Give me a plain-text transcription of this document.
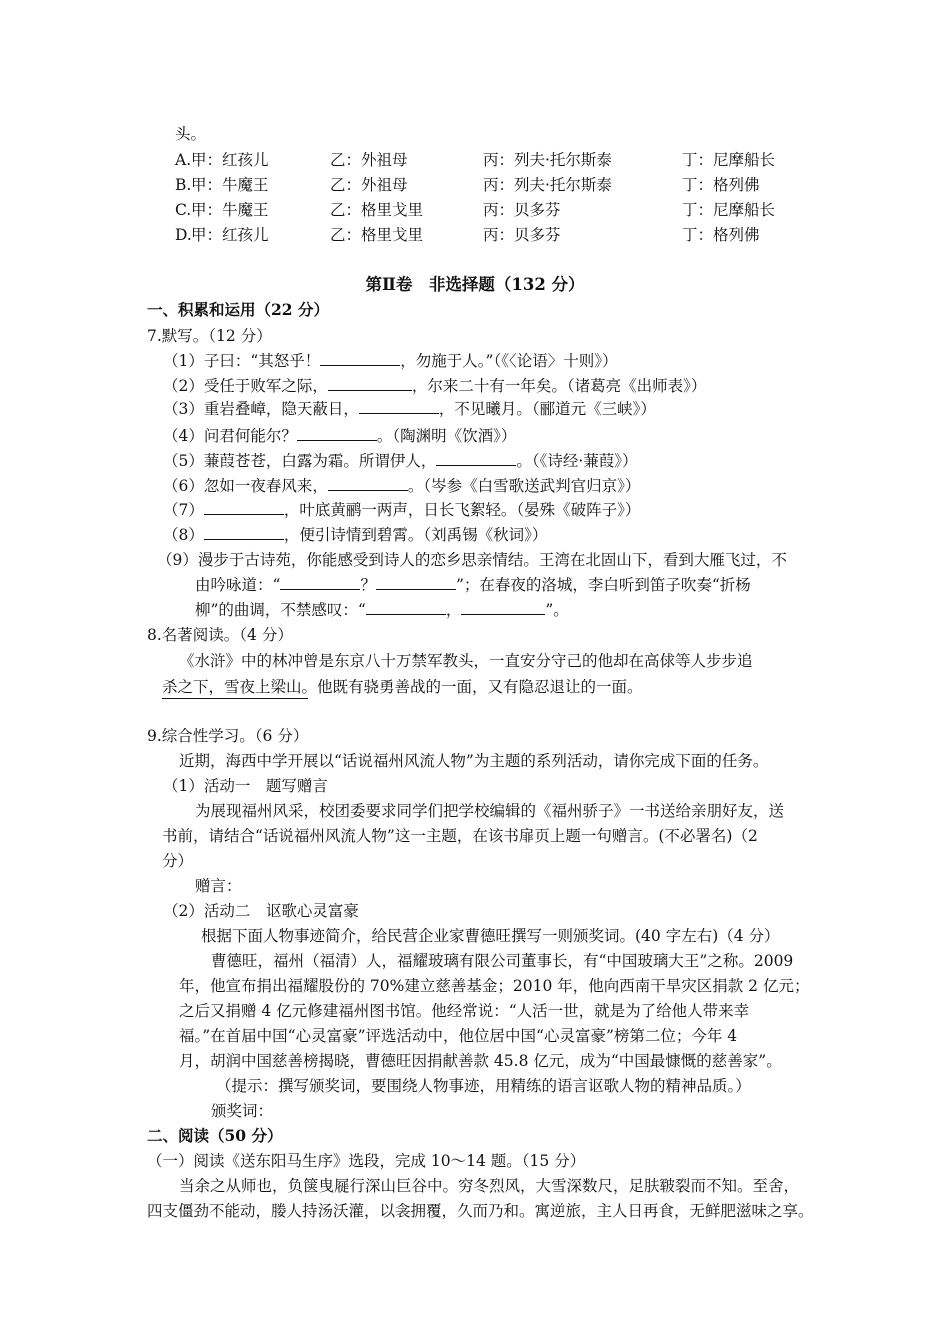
头。
A. 甲：红孩儿	乙：外祖母	丙：列夫·托尔斯泰	丁：尼摩船长
B. 甲：牛魔王	乙：外祖母	丙：列夫·托尔斯泰	丁：格列佛
C. 甲：牛魔王	乙：格里戈里	丙：贝多芬	丁：尼摩船长
D. 甲：红孩儿	乙：格里戈里	丙：贝多芬	丁：格列佛
第Ⅱ卷　非选择题（132 分）
一、积累和运用（22 分）
7.默写。（12 分）
（1）子曰：“其怒乎！	，勿施于人。”（《〈论语〉十则》）
（2）受任于败军之际，	，尔来二十有一年矣。（诸葛亮《出师表》）
（3）重岩叠嶂，隐天蔽日，	，不见曦月。（郦道元《三峡》）
（4）问君何能尔？	。（陶渊明《饮酒》）
（5）蒹葭苍苍，白露为霜。所谓伊人，	。（《诗经·蒹葭》）
（6）忽如一夜春风来，	。（岑参《白雪歌送武判官归京》）
（7）	，叶底黄鹂一两声，日长飞絮轻。（晏殊《破阵子》）
（8）	，便引诗情到碧霄。（刘禹锡《秋词》）
（9）漫步于古诗苑，你能感受到诗人的恋乡思亲情结。王湾在北固山下，看到大雁飞过，不
由吟咏道：“	？	”；在春夜的洛城，李白听到笛子吹奏“折杨
柳”的曲调，不禁感叹：“	，	”。
8.名著阅读。（4 分）
《水浒》中的林冲曾是东京八十万禁军教头，一直安分守己的他却在高俅等人步步追
杀之下，雪夜上梁山。他既有骁勇善战的一面，又有隐忍退让的一面。
9.综合性学习。（6 分）
近期，海西中学开展以“话说福州风流人物”为主题的系列活动，请你完成下面的任务。
（1）活动一　题写赠言
为展现福州风采，校团委要求同学们把学校编辑的《福州骄子》一书送给亲朋好友，送
书前，请结合“话说福州风流人物”这一主题，在该书扉页上题一句赠言。(不必署名)（2
分）
赠言：
（2）活动二　讴歌心灵富豪
根据下面人物事迹简介，给民营企业家曹德旺撰写一则颁奖词。(40 字左右)（4 分）
曹德旺，福州（福清）人，福耀玻璃有限公司董事长，有“中国玻璃大王”之称。2009
年，他宣布捐出福耀股份的 70%建立慈善基金；2010 年，他向西南干旱灾区捐款 2 亿元；
之后又捐赠 4 亿元修建福州图书馆。他经常说：“人活一世，就是为了给他人带来幸
福。”在首届中国“心灵富豪”评选活动中，他位居中国“心灵富豪”榜第二位；今年 4
月，胡润中国慈善榜揭晓，曹德旺因捐献善款 45.8 亿元，成为“中国最慷慨的慈善家”。
（提示：撰写颁奖词，要围绕人物事迹，用精练的语言讴歌人物的精神品质。）
颁奖词：
二、阅读（50 分）
（一）阅读《送东阳马生序》选段，完成 10～14 题。（15 分）
当余之从师也，负箧曳屣行深山巨谷中。穷冬烈风，大雪深数尺，足肤皲裂而不知。至舍，
四支僵劲不能动，媵人持汤沃灌，以衾拥覆，久而乃和。寓逆旅，主人日再食，无鲜肥滋味之享。
